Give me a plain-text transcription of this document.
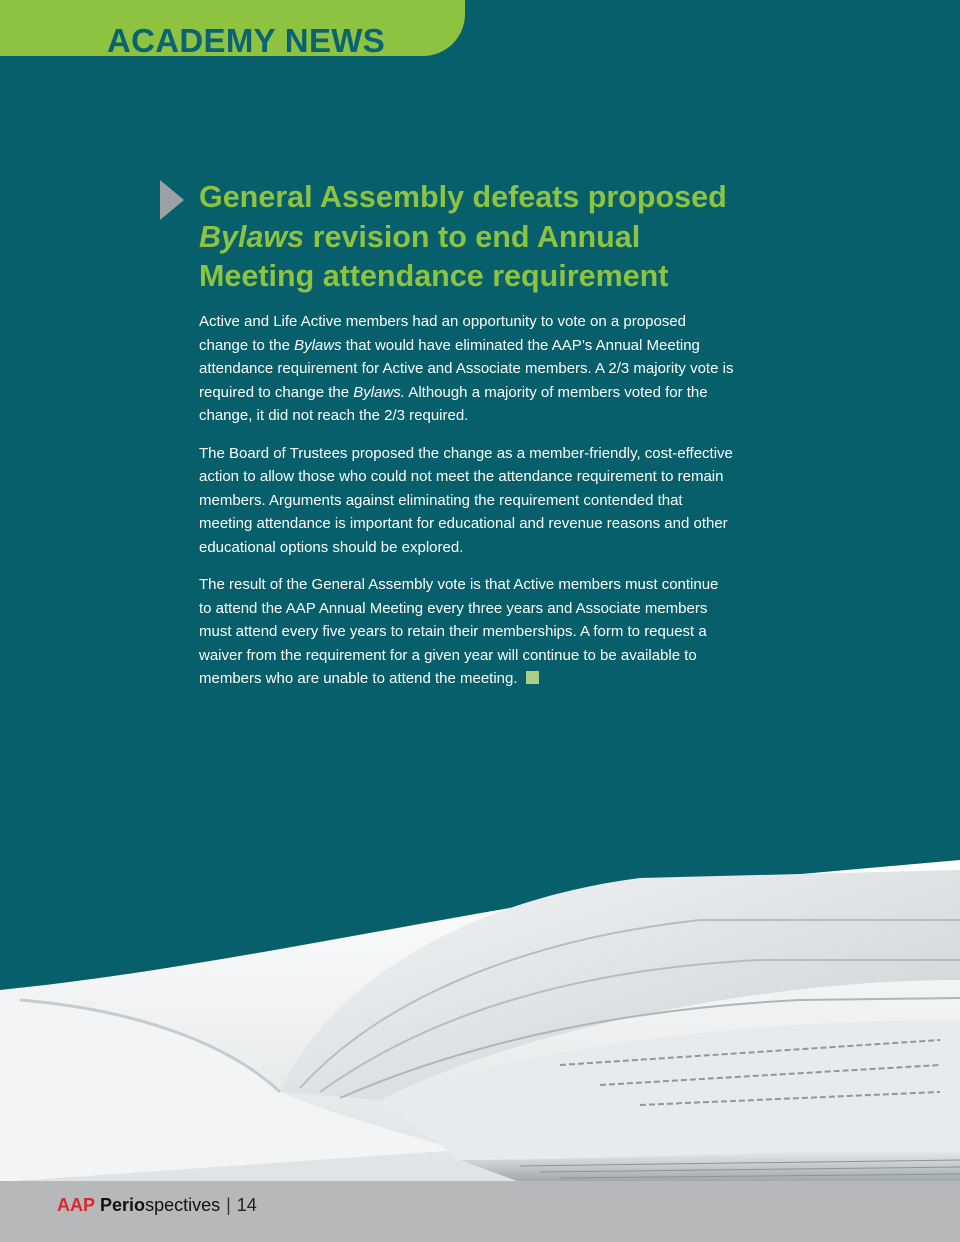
ACADEMY NEWS
General Assembly defeats proposed Bylaws revision to end Annual Meeting attendance requirement

Active and Life Active members had an opportunity to vote on a proposed change to the Bylaws that would have eliminated the AAP’s Annual Meeting attendance requirement for Active and Associate members. A 2/3 majority vote is required to change the Bylaws. Although a majority of members voted for the change, it did not reach the 2/3 required.

The Board of Trustees proposed the change as a member-friendly, cost-effective action to allow those who could not meet the attendance requirement to remain members. Arguments against eliminating the requirement contended that meeting attendance is important for educational and revenue reasons and other educational options should be explored.

The result of the General Assembly vote is that Active members must continue to attend the AAP Annual Meeting every three years and Associate members must attend every five years to retain their memberships. A form to request a waiver from the requirement for a given year will continue to be available to members who are unable to attend the meeting.

AAP Periospectives | 14
